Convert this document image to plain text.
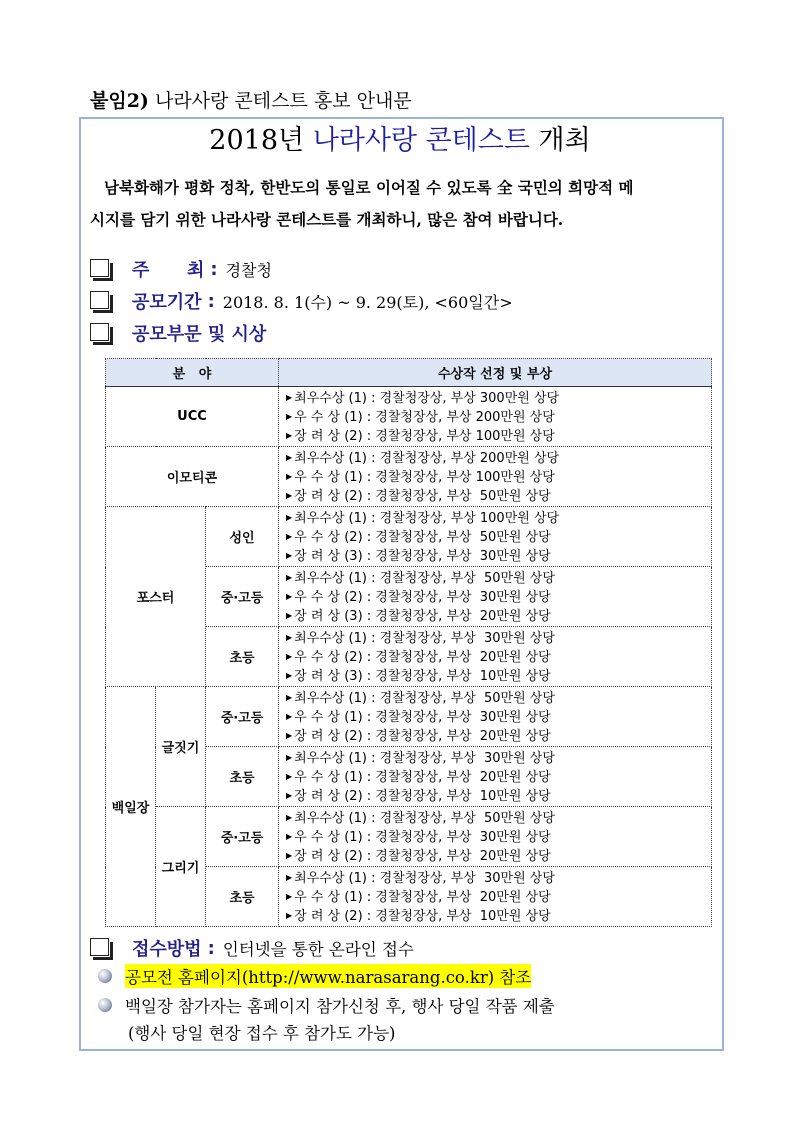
붙임2) 나라사랑 콘테스트 홍보 안내문
2018년 나라사랑 콘테스트 개최
남북화해가 평화 정착, 한반도의 통일로 이어질 수 있도록 全 국민의 희망적 메
시지를 담기 위한 나라사랑 콘테스트를 개최하니, 많은 참여 바랍니다.
주      최 : 경찰청
공모기간 : 2018. 8. 1(수) ~ 9. 29(토), <60일간>
공모부문 및 시상
분   야			수상작 선정 및 부상
UCC			▶ 최우수상 (1) : 경찰청장상, 부상 300만원 상당
▶ 우 수 상 (1) : 경찰청장상, 부상 200만원 상당
▶ 장 려 상 (2) : 경찰청장상, 부상 100만원 상당

이모티콘			▶ 최우수상 (1) : 경찰청장상, 부상 200만원 상당
▶ 우 수 상 (1) : 경찰청장상, 부상 100만원 상당
▶ 장 려 상 (2) : 경찰청장상, 부상  50만원 상당

포스터		성인	▶ 최우수상 (1) : 경찰청장상, 부상 100만원 상당
▶ 우 수 상 (2) : 경찰청장상, 부상  50만원 상당
▶ 장 려 상 (3) : 경찰청장상, 부상  30만원 상당

		중·고등	▶ 최우수상 (1) : 경찰청장상, 부상  50만원 상당
▶ 우 수 상 (2) : 경찰청장상, 부상  30만원 상당
▶ 장 려 상 (3) : 경찰청장상, 부상  20만원 상당

		초등	▶ 최우수상 (1) : 경찰청장상, 부상  30만원 상당
▶ 우 수 상 (2) : 경찰청장상, 부상  20만원 상당
▶ 장 려 상 (3) : 경찰청장상, 부상  10만원 상당

백일장	글짓기	중·고등	▶ 최우수상 (1) : 경찰청장상, 부상  50만원 상당
▶ 우 수 상 (1) : 경찰청장상, 부상  30만원 상당
▶ 장 려 상 (2) : 경찰청장상, 부상  20만원 상당

		초등	▶ 최우수상 (1) : 경찰청장상, 부상  30만원 상당
▶ 우 수 상 (1) : 경찰청장상, 부상  20만원 상당
▶ 장 려 상 (2) : 경찰청장상, 부상  10만원 상당

	그리기	중·고등	▶ 최우수상 (1) : 경찰청장상, 부상  50만원 상당
▶ 우 수 상 (1) : 경찰청장상, 부상  30만원 상당
▶ 장 려 상 (2) : 경찰청장상, 부상  20만원 상당

		초등	▶ 최우수상 (1) : 경찰청장상, 부상  30만원 상당
▶ 우 수 상 (1) : 경찰청장상, 부상  20만원 상당
▶ 장 려 상 (2) : 경찰청장상, 부상  10만원 상당
접수방법 : 인터넷을 통한 온라인 접수
공모전 홈페이지(http://www.narasarang.co.kr) 참조
백일장 참가자는 홈페이지 참가신청 후, 행사 당일 작품 제출
(행사 당일 현장 접수 후 참가도 가능)
